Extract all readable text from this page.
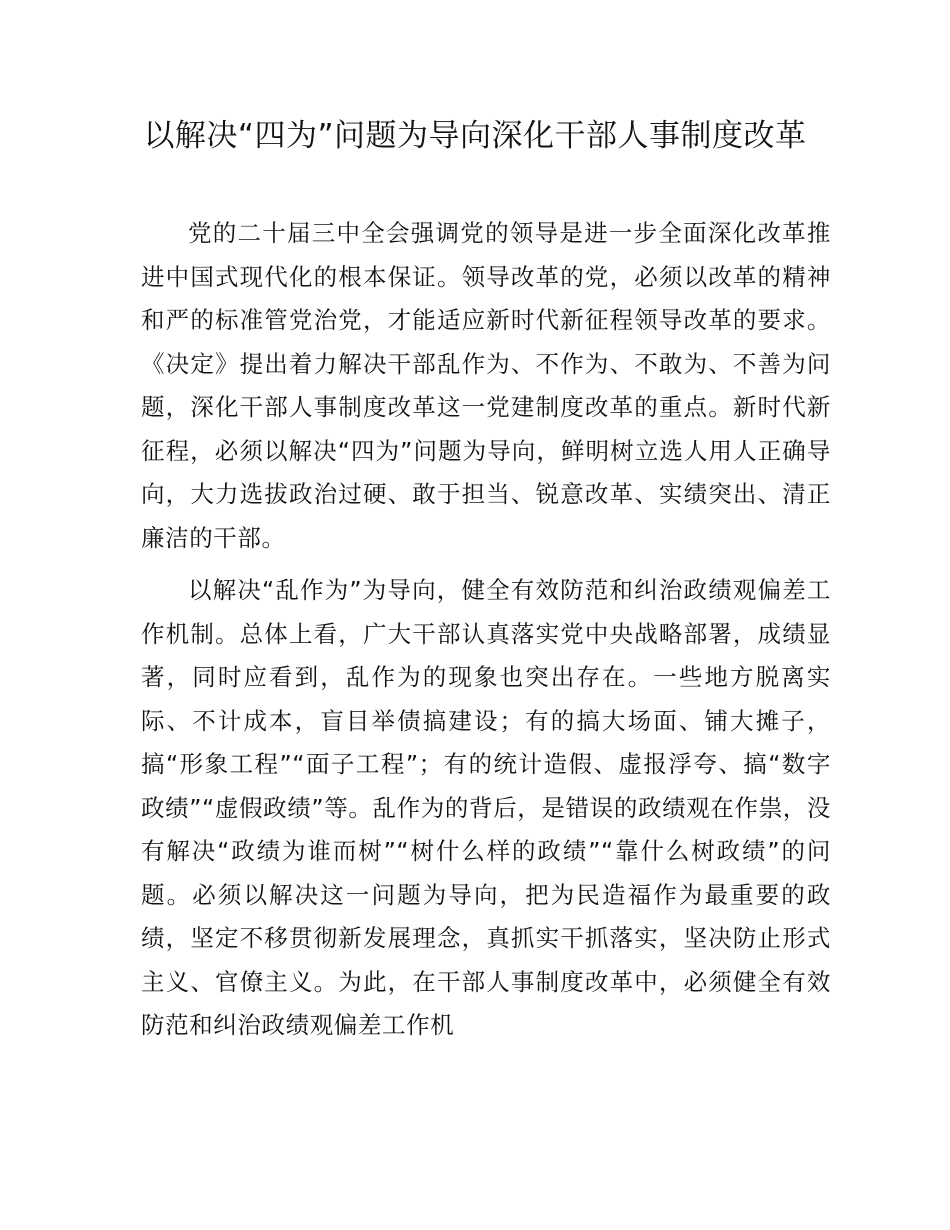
以解决“四为”问题为导向深化干部人事制度改革

党的二十届三中全会强调党的领导是进一步全面深化改革推进中国式现代化的根本保证。领导改革的党，必须以改革的精神和严的标准管党治党，才能适应新时代新征程领导改革的要求。《决定》提出着力解决干部乱作为、不作为、不敢为、不善为问题，深化干部人事制度改革这一党建制度改革的重点。新时代新征程，必须以解决“四为”问题为导向，鲜明树立选人用人正确导向，大力选拔政治过硬、敢于担当、锐意改革、实绩突出、清正廉洁的干部。

以解决“乱作为”为导向，健全有效防范和纠治政绩观偏差工作机制。总体上看，广大干部认真落实党中央战略部署，成绩显著，同时应看到，乱作为的现象也突出存在。一些地方脱离实际、不计成本，盲目举债搞建设；有的搞大场面、铺大摊子，搞“形象工程”“面子工程”；有的统计造假、虚报浮夸、搞“数字政绩”“虚假政绩”等。乱作为的背后，是错误的政绩观在作祟，没有解决“政绩为谁而树”“树什么样的政绩”“靠什么树政绩”的问题。必须以解决这一问题为导向，把为民造福作为最重要的政绩，坚定不移贯彻新发展理念，真抓实干抓落实，坚决防止形式主义、官僚主义。为此，在干部人事制度改革中，必须健全有效防范和纠治政绩观偏差工作机
